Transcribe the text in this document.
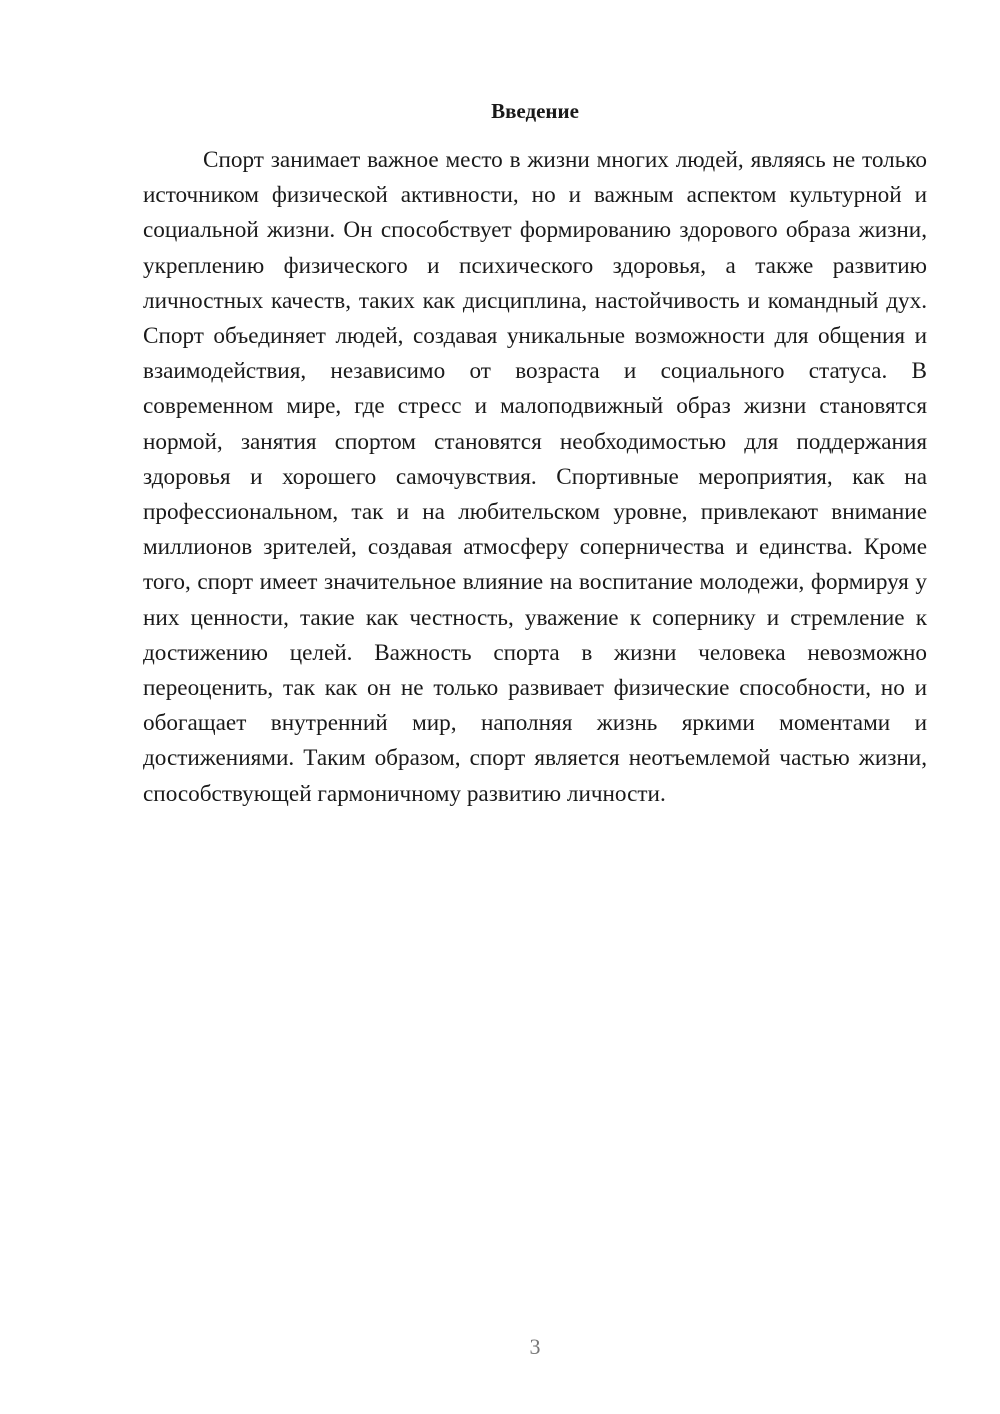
Введение

Спорт занимает важное место в жизни многих людей, являясь не только источником физической активности, но и важным аспектом культурной и социальной жизни. Он способствует формированию здорового образа жизни, укреплению физического и психического здоровья, а также развитию личностных качеств, таких как дисциплина, настойчивость и командный дух. Спорт объединяет людей, создавая уникальные возможности для общения и взаимодействия, независимо от возраста и социального статуса. В современном мире, где стресс и малоподвижный образ жизни становятся нормой, занятия спортом становятся необходимостью для поддержания здоровья и хорошего самочувствия. Спортивные мероприятия, как на профессиональном, так и на любительском уровне, привлекают внимание миллионов зрителей, создавая атмосферу соперничества и единства. Кроме того, спорт имеет значительное влияние на воспитание молодежи, формируя у них ценности, такие как честность, уважение к сопернику и стремление к достижению целей. Важность спорта в жизни человека невозможно переоценить, так как он не только развивает физические способности, но и обогащает внутренний мир, наполняя жизнь яркими моментами и достижениями. Таким образом, спорт является неотъемлемой частью жизни, способствующей гармоничному развитию личности.

3
